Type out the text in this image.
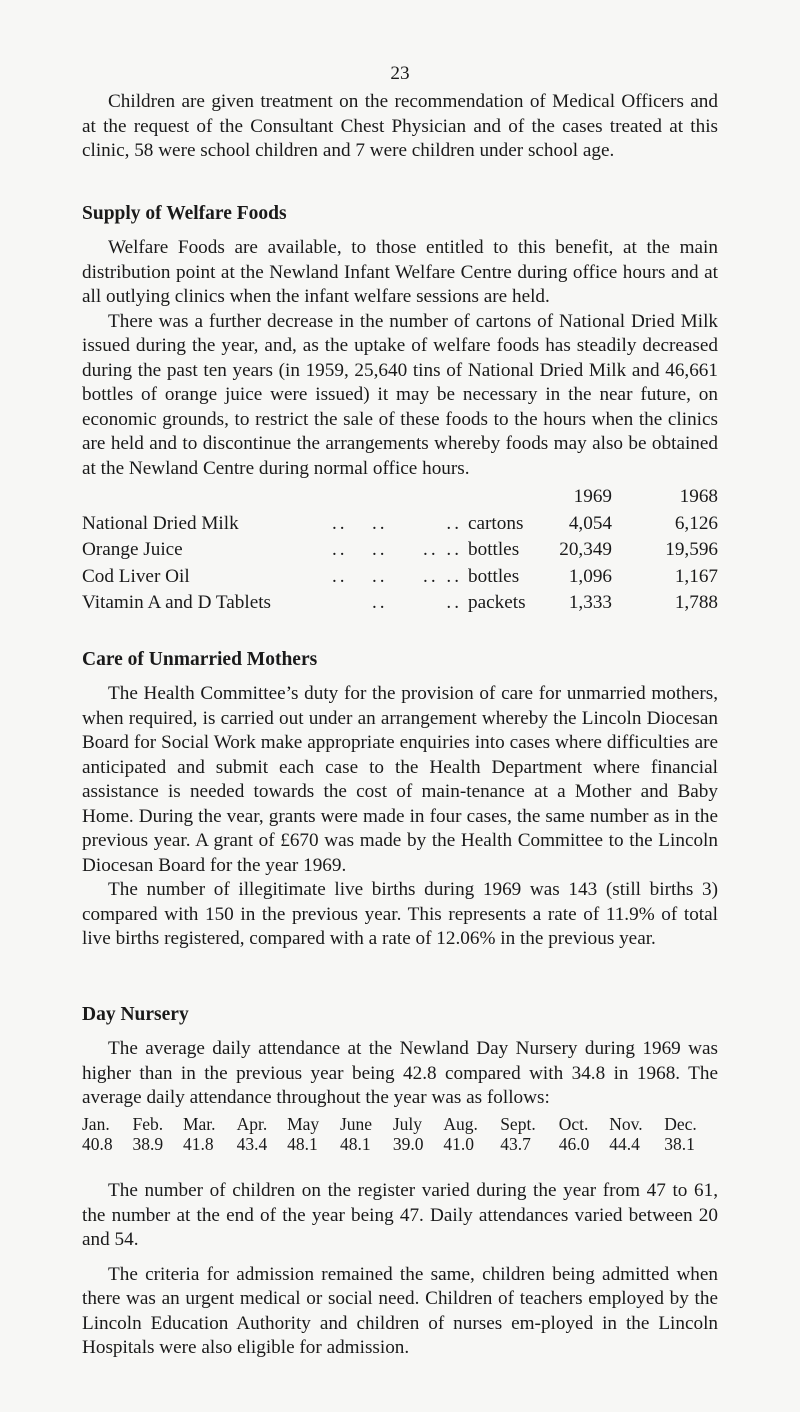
23

Children are given treatment on the recommendation of Medical Officers and at the request of the Consultant Chest Physician and of the cases treated at this clinic, 58 were school children and 7 were children under school age.

Supply of Welfare Foods

Welfare Foods are available, to those entitled to this benefit, at the main distribution point at the Newland Infant Welfare Centre during office hours and at all outlying clinics when the infant welfare sessions are held.

There was a further decrease in the number of cartons of National Dried Milk issued during the year, and, as the uptake of welfare foods has steadily decreased during the past ten years (in 1959, 25,640 tins of National Dried Milk and 46,661 bottles of orange juice were issued) it may be necessary in the near future, on economic grounds, to restrict the sale of these foods to the hours when the clinics are held and to discontinue the arrangements whereby foods may also be obtained at the Newland Centre during normal office hours.

					1969	1968
National Dried Milk	..	..	..	cartons	4,054	6,126
Orange Juice	..	..	.. ..	bottles	20,349	19,596
Cod Liver Oil	..	..	.. ..	bottles	1,096	1,167
Vitamin A and D Tablets		..	..	packets	1,333	1,788
Care of Unmarried Mothers

The Health Committee’s duty for the provision of care for unmarried mothers, when required, is carried out under an arrangement whereby the Lincoln Diocesan Board for Social Work make appropriate enquiries into cases where difficulties are anticipated and submit each case to the Health Department where financial assistance is needed towards the cost of main-tenance at a Mother and Baby Home. During the vear, grants were made in four cases, the same number as in the previous year. A grant of £670 was made by the Health Committee to the Lincoln Diocesan Board for the year 1969.

The number of illegitimate live births during 1969 was 143 (still births 3) compared with 150 in the previous year. This represents a rate of 11.9% of total live births registered, compared with a rate of 12.06% in the previous year.

Day Nursery

The average daily attendance at the Newland Day Nursery during 1969 was higher than in the previous year being 42.8 compared with 34.8 in 1968. The average daily attendance throughout the year was as follows:

Jan.	Feb.	Mar.	Apr.	May	June	July	Aug.	Sept.	Oct.	Nov.	Dec.
40.8	38.9	41.8	43.4	48.1	48.1	39.0	41.0	43.7	46.0	44.4	38.1

The number of children on the register varied during the year from 47 to 61, the number at the end of the year being 47. Daily attendances varied between 20 and 54.

The criteria for admission remained the same, children being admitted when there was an urgent medical or social need. Children of teachers employed by the Lincoln Education Authority and children of nurses em-ployed in the Lincoln Hospitals were also eligible for admission.
